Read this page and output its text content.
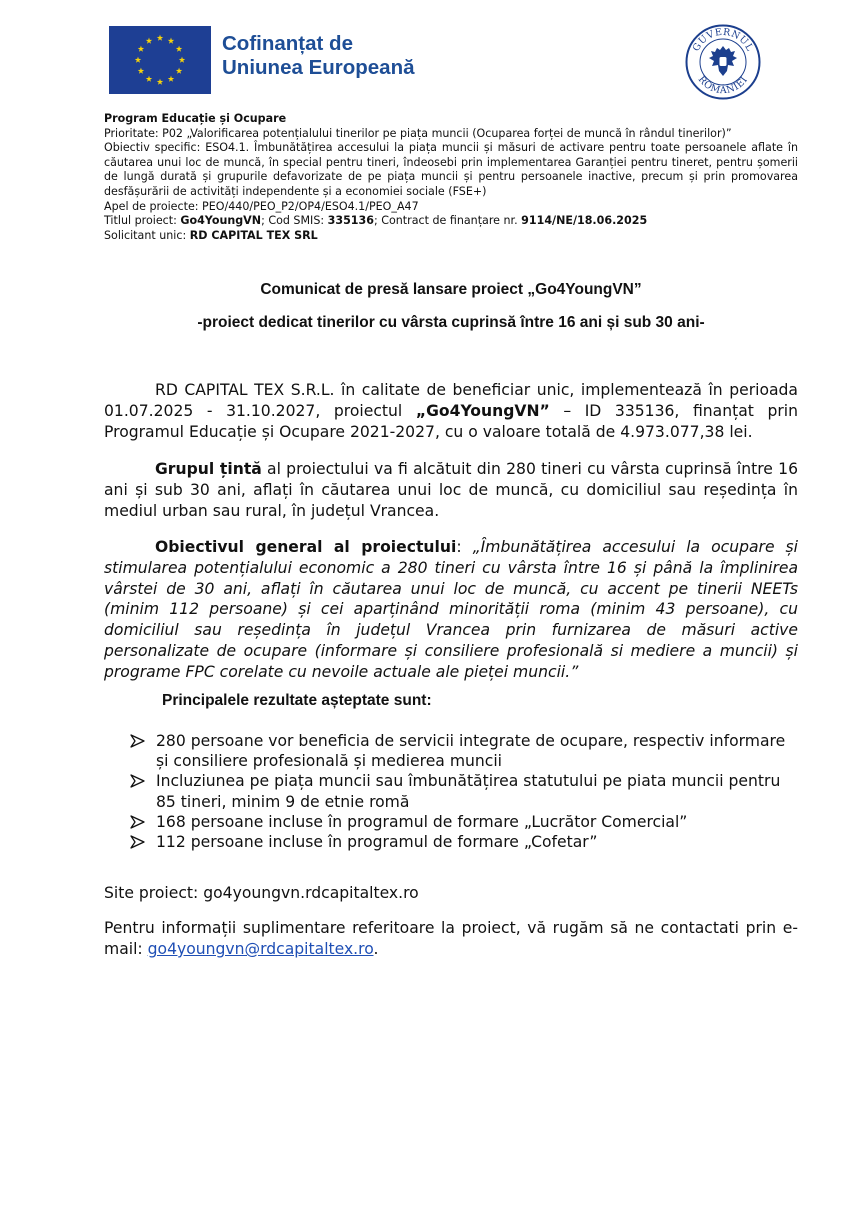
Cofinanțat de
Uniunea Europeană
GUVERNUL
ROMÂNIEI
Program Educație și Ocupare
Prioritate: P02 „Valorificarea potențialului tinerilor pe piața muncii (Ocuparea forței de muncă în rândul tinerilor)”
Obiectiv specific: ESO4.1. Îmbunătățirea accesului la piața muncii și măsuri de activare pentru toate persoanele aflate în căutarea unui loc de muncă, în special pentru tineri, îndeosebi prin implementarea Garanției pentru tineret, pentru șomerii de lungă durată și grupurile defavorizate de pe piața muncii și pentru persoanele inactive, precum și prin promovarea desfășurării de activități independente și a economiei sociale (FSE+)
Apel de proiecte: PEO/440/PEO_P2/OP4/ESO4.1/PEO_A47
Titlul proiect: Go4YoungVN; Cod SMIS: 335136; Contract de finanțare nr. 9114/NE/18.06.2025
Solicitant unic: RD CAPITAL TEX SRL
Comunicat de presă lansare proiect „Go4YoungVN”
-proiect dedicat tinerilor cu vârsta cuprinsă între 16 ani și sub 30 ani-
RD CAPITAL TEX S.R.L. în calitate de beneficiar unic, implementează în perioada 01.07.2025 - 31.10.2027, proiectul „Go4YoungVN” – ID 335136, finanțat prin Programul Educație și Ocupare 2021-2027, cu o valoare totală de 4.973.077,38 lei.
Grupul țintă al proiectului va fi alcătuit din 280 tineri cu vârsta cuprinsă între 16 ani și sub 30 ani, aflați în căutarea unui loc de muncă, cu domiciliul sau reședința în mediul urban sau rural, în județul Vrancea.
Obiectivul general al proiectului: „Îmbunătățirea accesului la ocupare și stimularea potențialului economic a 280 tineri cu vârsta între 16 și până la împlinirea vârstei de 30 ani, aflați în căutarea unui loc de muncă, cu accent pe tinerii NEETs (minim 112 persoane) și cei aparținând minorității roma (minim 43 persoane), cu domiciliul sau reședința în județul Vrancea prin furnizarea de măsuri active personalizate de ocupare (informare și consiliere profesională si mediere a muncii) și programe FPC corelate cu nevoile actuale ale pieței muncii.”
Principalele rezultate așteptate sunt:
280 persoane vor beneficia de servicii integrate de ocupare, respectiv informare și consiliere profesională și medierea muncii
Incluziunea pe piața muncii sau îmbunătățirea statutului pe piata muncii pentru 85 tineri, minim 9 de etnie romă
168 persoane incluse în programul de formare „Lucrător Comercial”
112 persoane incluse în programul de formare „Cofetar”
Site proiect: go4youngvn.rdcapitaltex.ro
Pentru informații suplimentare referitoare la proiect, vă rugăm să ne contactati prin e-mail: go4youngvn@rdcapitaltex.ro.
